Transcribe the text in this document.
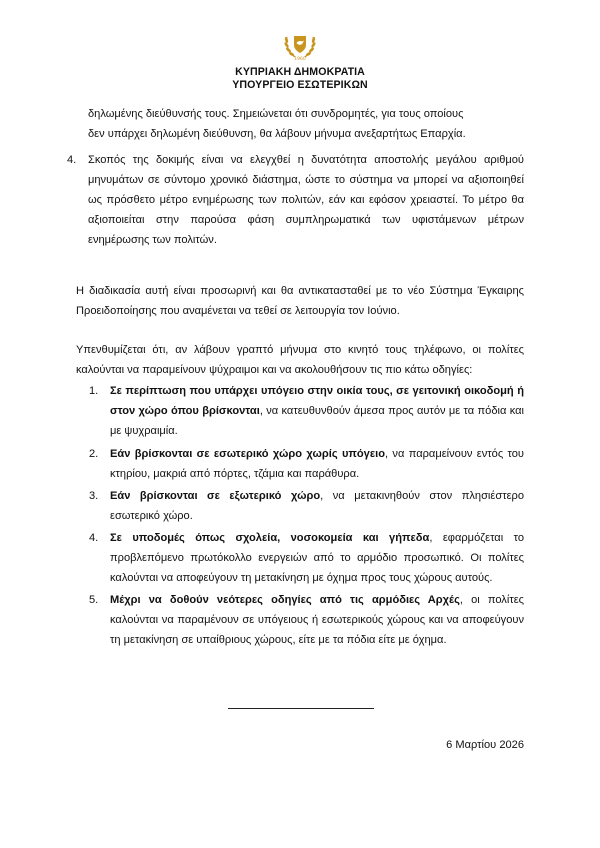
1960
ΚΥΠΡΙΑΚΗ ΔΗΜΟΚΡΑΤΙΑ
ΥΠΟΥΡΓΕΙΟ ΕΣΩΤΕΡΙΚΩΝ

δηλωμένης διεύθυνσής τους. Σημειώνεται ότι συνδρομητές, για τους οποίους

δεν υπάρχει δηλωμένη διεύθυνση, θα λάβουν μήνυμα ανεξαρτήτως Επαρχία.

4. Σκοπός της δοκιμής είναι να ελεγχθεί η δυνατότητα αποστολής μεγάλου αριθμού μηνυμάτων σε σύντομο χρονικό διάστημα, ώστε το σύστημα να μπορεί να αξιοποιηθεί ως πρόσθετο μέτρο ενημέρωσης των πολιτών, εάν και εφόσον χρειαστεί. Το μέτρο θα αξιοποιείται στην παρούσα φάση συμπληρωματικά των υφιστάμενων μέτρων ενημέρωσης των πολιτών.

Η διαδικασία αυτή είναι προσωρινή και θα αντικατασταθεί με το νέο Σύστημα Έγκαιρης Προειδοποίησης που αναμένεται να τεθεί σε λειτουργία τον Ιούνιο.

Υπενθυμίζεται ότι, αν λάβουν γραπτό μήνυμα στο κινητό τους τηλέφωνο, οι πολίτες καλούνται να παραμείνουν ψύχραιμοι και να ακολουθήσουν τις πιο κάτω οδηγίες:

1. Σε περίπτωση που υπάρχει υπόγειο στην οικία τους, σε γειτονική οικοδομή ή στον χώρο όπου βρίσκονται, να κατευθυνθούν άμεσα προς αυτόν με τα πόδια και με ψυχραιμία.
2. Εάν βρίσκονται σε εσωτερικό χώρο χωρίς υπόγειο, να παραμείνουν εντός του κτηρίου, μακριά από πόρτες, τζάμια και παράθυρα.
3. Εάν βρίσκονται σε εξωτερικό χώρο, να μετακινηθούν στον πλησιέστερο εσωτερικό χώρο.
4. Σε υποδομές όπως σχολεία, νοσοκομεία και γήπεδα, εφαρμόζεται το προβλεπόμενο πρωτόκολλο ενεργειών από το αρμόδιο προσωπικό. Οι πολίτες καλούνται να αποφεύγουν τη μετακίνηση με όχημα προς τους χώρους αυτούς.
5. Μέχρι να δοθούν νεότερες οδηγίες από τις αρμόδιες Αρχές, οι πολίτες καλούνται να παραμένουν σε υπόγειους ή εσωτερικούς χώρους και να αποφεύγουν τη μετακίνηση σε υπαίθριους χώρους, είτε με τα πόδια είτε με όχημα.
6 Μαρτίου 2026
